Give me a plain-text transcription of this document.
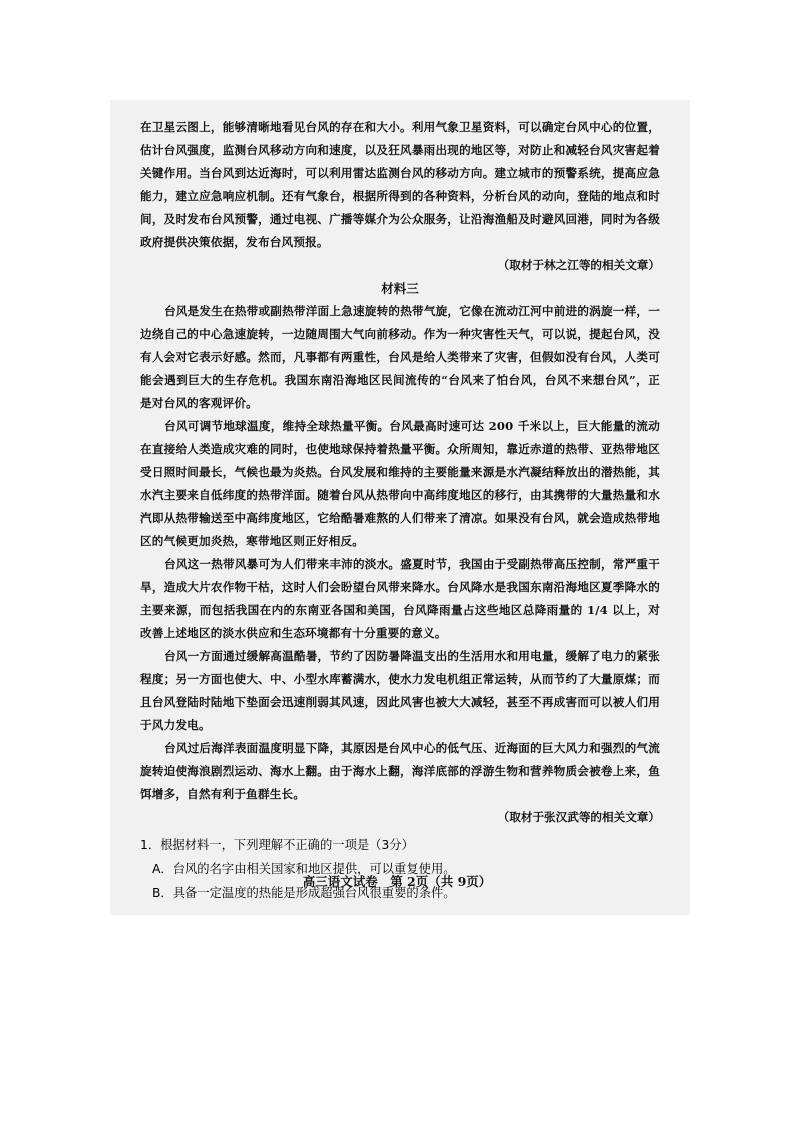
在卫星云图上，能够清晰地看见台风的存在和大小。利用气象卫星资料，可以确定台风中心的位置，估计台风强度，监测台风移动方向和速度，以及狂风暴雨出现的地区等，对防止和减轻台风灾害起着关键作用。当台风到达近海时，可以利用雷达监测台风的移动方向。建立城市的预警系统，提高应急能力，建立应急响应机制。还有气象台，根据所得到的各种资料，分析台风的动向，登陆的地点和时间，及时发布台风预警，通过电视、广播等媒介为公众服务，让沿海渔船及时避风回港，同时为各级政府提供决策依据，发布台风预报。

（取材于林之江等的相关文章）

材料三

台风是发生在热带或副热带洋面上急速旋转的热带气旋，它像在流动江河中前进的涡旋一样，一边绕自己的中心急速旋转，一边随周围大气向前移动。作为一种灾害性天气，可以说，提起台风，没有人会对它表示好感。然而，凡事都有两重性，台风是给人类带来了灾害，但假如没有台风，人类可能会遇到巨大的生存危机。我国东南沿海地区民间流传的“台风来了怕台风，台风不来想台风”，正是对台风的客观评价。

台风可调节地球温度，维持全球热量平衡。台风最高时速可达 200 千米以上，巨大能量的流动在直接给人类造成灾难的同时，也使地球保持着热量平衡。众所周知，靠近赤道的热带、亚热带地区受日照时间最长，气候也最为炎热。台风发展和维持的主要能量来源是水汽凝结释放出的潜热能，其水汽主要来自低纬度的热带洋面。随着台风从热带向中高纬度地区的移行，由其携带的大量热量和水汽即从热带输送至中高纬度地区，它给酷暑难熬的人们带来了清凉。如果没有台风，就会造成热带地区的气候更加炎热，寒带地区则正好相反。

台风这一热带风暴可为人们带来丰沛的淡水。盛夏时节，我国由于受副热带高压控制，常严重干旱，造成大片农作物干枯，这时人们会盼望台风带来降水。台风降水是我国东南沿海地区夏季降水的主要来源，而包括我国在内的东南亚各国和美国，台风降雨量占这些地区总降雨量的 1/4 以上，对改善上述地区的淡水供应和生态环境都有十分重要的意义。

台风一方面通过缓解高温酷暑，节约了因防暑降温支出的生活用水和用电量，缓解了电力的紧张程度；另一方面也使大、中、小型水库蓄满水，使水力发电机组正常运转，从而节约了大量原煤；而且台风登陆时陆地下垫面会迅速削弱其风速，因此风害也被大大减轻，甚至不再成害而可以被人们用于风力发电。

台风过后海洋表面温度明显下降，其原因是台风中心的低气压、近海面的巨大风力和强烈的气流旋转迫使海浪剧烈运动、海水上翻。由于海水上翻，海洋底部的浮游生物和营养物质会被卷上来，鱼饵增多，自然有利于鱼群生长。

（取材于张汉武等的相关文章）

1．根据材料一，下列理解不正确的一项是（3分）

A．台风的名字由相关国家和地区提供，可以重复使用。

B．具备一定温度的热能是形成超强台风很重要的条件。

高三语文试卷　第 2页（共 9页）
